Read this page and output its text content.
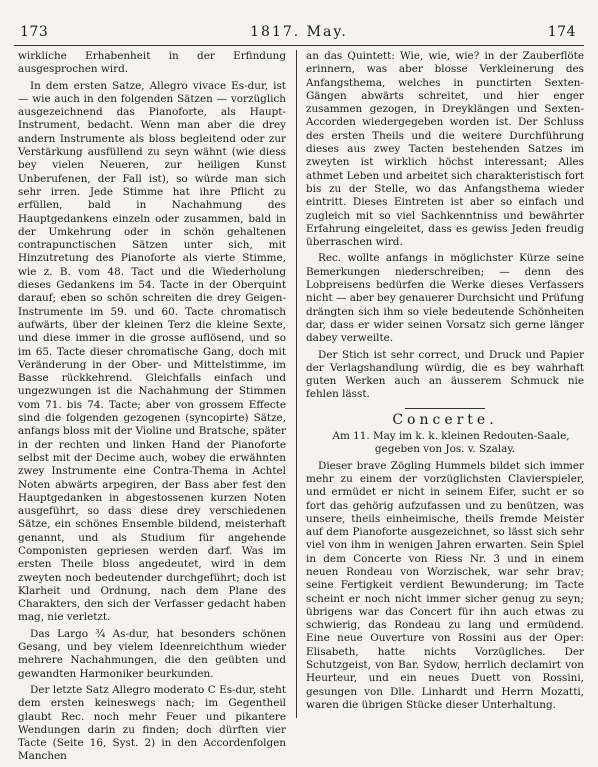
173	1817. May.	174

wirkliche Erhabenheit in der Erfindung ausgesprochen wird.

In dem ersten Satze, Allegro vivace Es-dur, ist — wie auch in den folgenden Sätzen — vorzüglich ausgezeichnend das Pianoforte, als Haupt-Instrument, bedacht. Wenn man aber die drey andern Instrumente als bloss begleitend oder zur Verstärkung ausfüllend zu seyn wähnt (wie diess bey vielen Neueren, zur heiligen Kunst Unberufenen, der Fall ist), so würde man sich sehr irren. Jede Stimme hat ihre Pflicht zu erfüllen, bald in Nachahmung des Hauptgedankens einzeln oder zusammen, bald in der Umkehrung oder in schön gehaltenen contrapunctischen Sätzen unter sich, mit Hinzutretung des Pianoforte als vierte Stimme, wie z. B. vom 48. Tact und die Wiederholung dieses Gedankens im 54. Tacte in der Oberquint darauf; eben so schön schreiten die drey Geigen-Instrumente im 59. und 60. Tacte chromatisch aufwärts, über der kleinen Terz die kleine Sexte, und diese immer in die grosse auflösend, und so im 65. Tacte dieser chromatische Gang, doch mit Veränderung in der Ober- und Mittelstimme, im Basse rückkehrend. Gleichfalls einfach und ungezwungen ist die Nachahmung der Stimmen vom 71. bis 74. Tacte; aber von grossem Effecte sind die folgenden gezogenen (syncopirte) Sätze, anfangs bloss mit der Violine und Bratsche, später in der rechten und linken Hand der Pianoforte selbst mit der Decime auch, wobey die erwähnten zwey Instrumente eine Contra-Thema in Achtel Noten abwärts arpegiren, der Bass aber fest den Hauptgedanken in abgestossenen kurzen Noten ausgeführt, so dass diese drey verschiedenen Sätze, ein schönes Ensemble bildend, meisterhaft genannt, und als Studium für angehende Componisten gepriesen werden darf. Was im ersten Theile bloss angedeutet, wird in dem zweyten noch bedeutender durchgeführt; doch ist Klarheit und Ordnung, nach dem Plane des Charakters, den sich der Verfasser gedacht haben mag, nie verletzt.

Das Largo ¾ As-dur, hat besonders schönen Gesang, und bey vielem Ideenreichthum wieder mehrere Nachahmungen, die den geübten und gewandten Harmoniker beurkunden.

Der letzte Satz Allegro moderato C Es-dur, steht dem ersten keineswegs nach; im Gegentheil glaubt Rec. noch mehr Feuer und pikantere Wendungen darin zu finden; doch dürften vier Tacte (Seite 16, Syst. 2) in den Accordenfolgen Manchen

an das Quintett: Wie, wie, wie? in der Zauberflöte erinnern, was aber blosse Verkleinerung des Anfangsthema, welches in punctirten Sexten-Gängen abwärts schreitet, und hier enger zusammen gezogen, in Dreyklängen und Sexten-Accorden wiedergegeben worden ist. Der Schluss des ersten Theils und die weitere Durchführung dieses aus zwey Tacten bestehenden Satzes im zweyten ist wirklich höchst interessant; Alles athmet Leben und arbeitet sich charakteristisch fort bis zu der Stelle, wo das Anfangsthema wieder eintritt. Dieses Eintreten ist aber so einfach und zugleich mit so viel Sachkenntniss und bewährter Erfahrung eingeleitet, dass es gewiss Jeden freudig überraschen wird.

Rec. wollte anfangs in möglichster Kürze seine Bemerkungen niederschreiben; — denn des Lobpreisens bedürfen die Werke dieses Verfassers nicht — aber bey genauerer Durchsicht und Prüfung drängten sich ihm so viele bedeutende Schönheiten dar, dass er wider seinen Vorsatz sich gerne länger dabey verweilte.

Der Stich ist sehr correct, und Druck und Papier der Verlagshandlung würdig, die es bey wahrhaft guten Werken auch an äusserem Schmuck nie fehlen lässt.

Concerte.

Am 11. May im k. k. kleinen Redouten-Saale, gegeben von Jos. v. Szalay.

Dieser brave Zögling Hummels bildet sich immer mehr zu einem der vorzüglichsten Clavierspieler, und ermüdet er nicht in seinem Eifer, sucht er so fort das gehörig aufzufassen und zu benützen, was unsere, theils einheimische, theils fremde Meister auf dem Pianoforte ausgezeichnet, so lässt sich sehr viel von ihm in wenigen Jahren erwarten. Sein Spiel in dem Concerte von Riess Nr. 3 und in einem neuen Rondeau von Worzischek, war sehr brav; seine Fertigkeit verdient Bewunderung; im Tacte scheint er noch nicht immer sicher genug zu seyn; übrigens war das Concert für ihn auch etwas zu schwierig, das Rondeau zu lang und ermüdend. Eine neue Ouverture von Rossini aus der Oper: Elisabeth, hatte nichts Vorzügliches. Der Schutzgeist, von Bar. Sydow, herrlich declamirt von Heurteur, und ein neues Duett von Rossini, gesungen von Dlle. Linhardt und Herrn Mozatti, waren die übrigen Stücke dieser Unterhaltung.
